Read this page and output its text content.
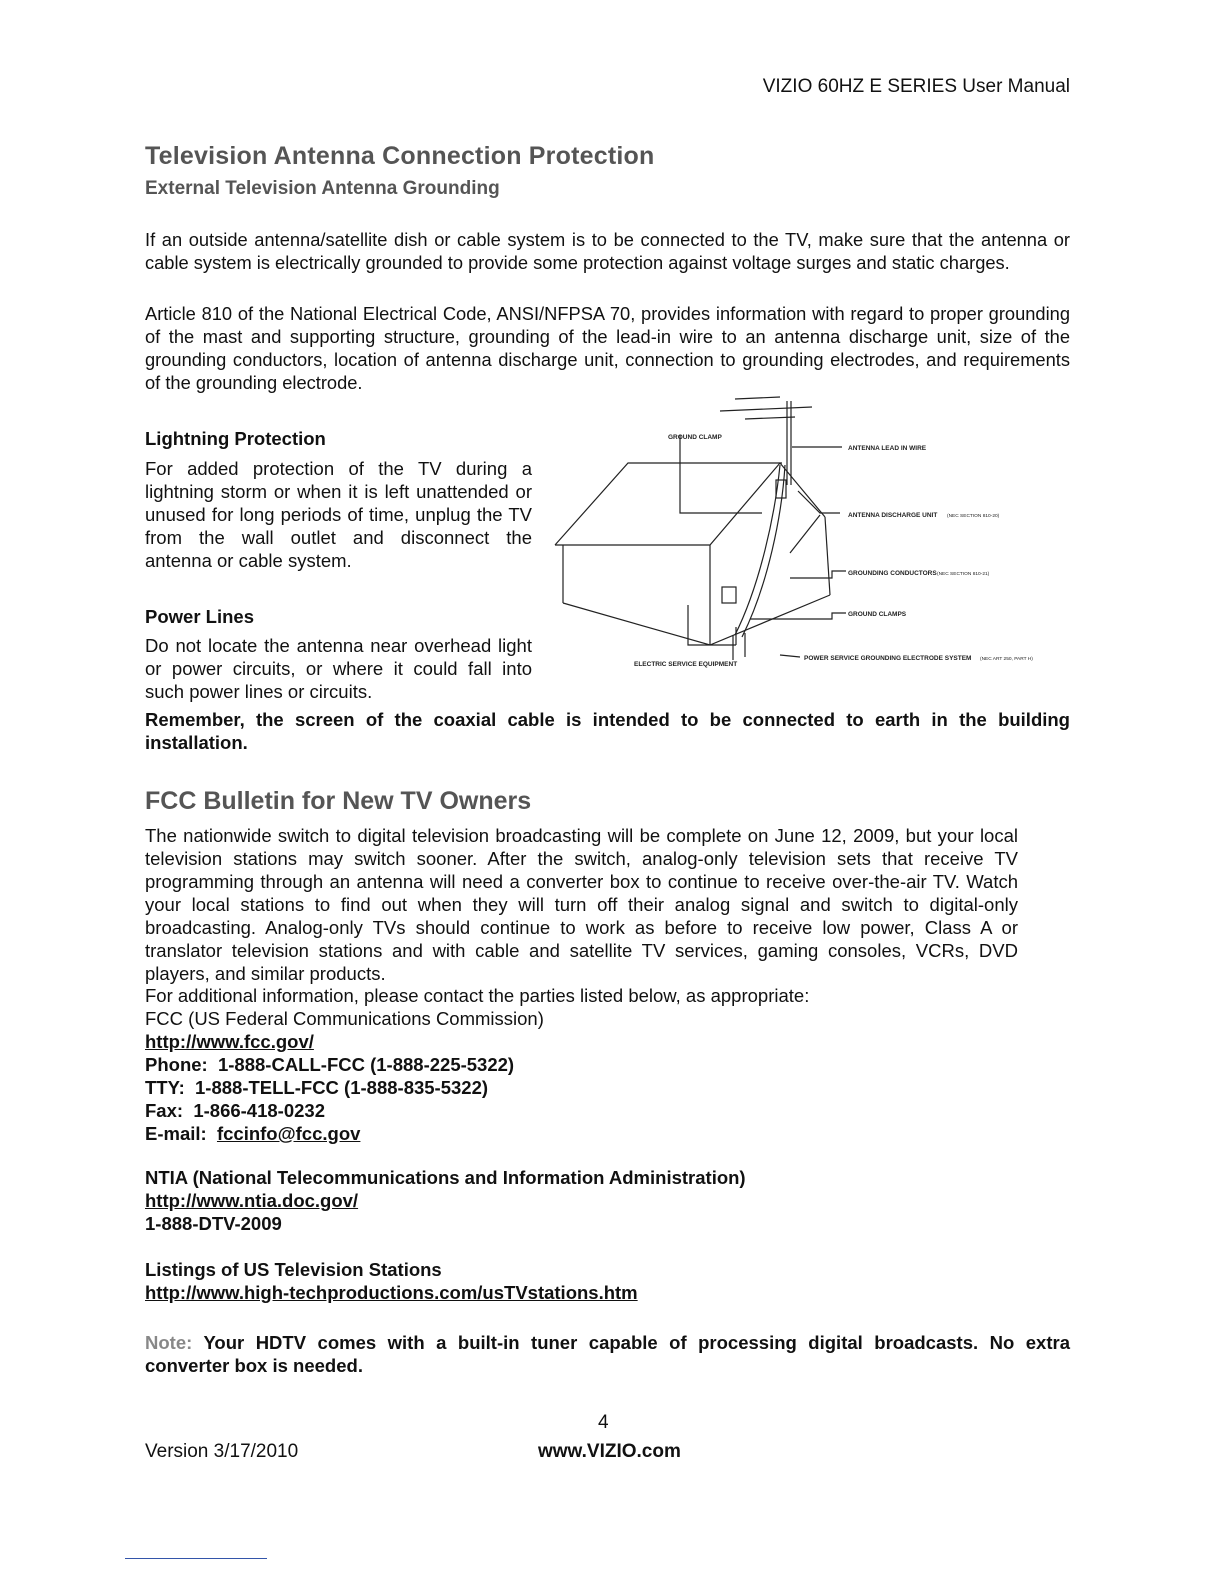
VIZIO 60HZ E SERIES User Manual
Television Antenna Connection Protection
External Television Antenna Grounding

If an outside antenna/satellite dish or cable system is to be connected to the TV, make sure that the antenna or cable system is electrically grounded to provide some protection against voltage surges and static charges.

Article 810 of the National Electrical Code, ANSI/NFPSA 70, provides information with regard to proper grounding of the mast and supporting structure, grounding of the lead-in wire to an antenna discharge unit, size of the grounding conductors, location of antenna discharge unit, connection to grounding electrodes, and requirements of the grounding electrode.

Lightning Protection

For added protection of the TV during a lightning storm or when it is left unattended or unused for long periods of time, unplug the TV from the wall outlet and disconnect the antenna or cable system.

Power Lines

Do not locate the antenna near overhead light or power circuits, or where it could fall into such power lines or circuits.

GROUND CLAMP
ANTENNA LEAD IN WIRE
ANTENNA DISCHARGE UNIT (NEC SECTION 810-20)
GROUNDING CONDUCTORS (NEC SECTION 810-21)
GROUND CLAMPS
ELECTRIC SERVICE EQUIPMENT
POWER SERVICE GROUNDING ELECTRODE SYSTEM (NEC ART 250, PART H)

Remember, the screen of the coaxial cable is intended to be connected to earth in the building installation.

FCC Bulletin for New TV Owners

The nationwide switch to digital television broadcasting will be complete on June 12, 2009, but your local television stations may switch sooner. After the switch, analog-only television sets that receive TV programming through an antenna will need a converter box to continue to receive over-the-air TV. Watch your local stations to find out when they will turn off their analog signal and switch to digital-only broadcasting. Analog-only TVs should continue to work as before to receive low power, Class A or translator television stations and with cable and satellite TV services, gaming consoles, VCRs, DVD players, and similar products.

For additional information, please contact the parties listed below, as appropriate:
FCC (US Federal Communications Commission)
http://www.fcc.gov/
Phone: 1-888-CALL-FCC (1-888-225-5322)
TTY: 1-888-TELL-FCC (1-888-835-5322)
Fax: 1-866-418-0232
E-mail: fccinfo@fcc.gov
NTIA (National Telecommunications and Information Administration)
http://www.ntia.doc.gov/
1-888-DTV-2009
Listings of US Television Stations
http://www.high-techproductions.com/usTVstations.htm

Note: Your HDTV comes with a built-in tuner capable of processing digital broadcasts. No extra converter box is needed.

4
Version 3/17/2010	www.VIZIO.com
